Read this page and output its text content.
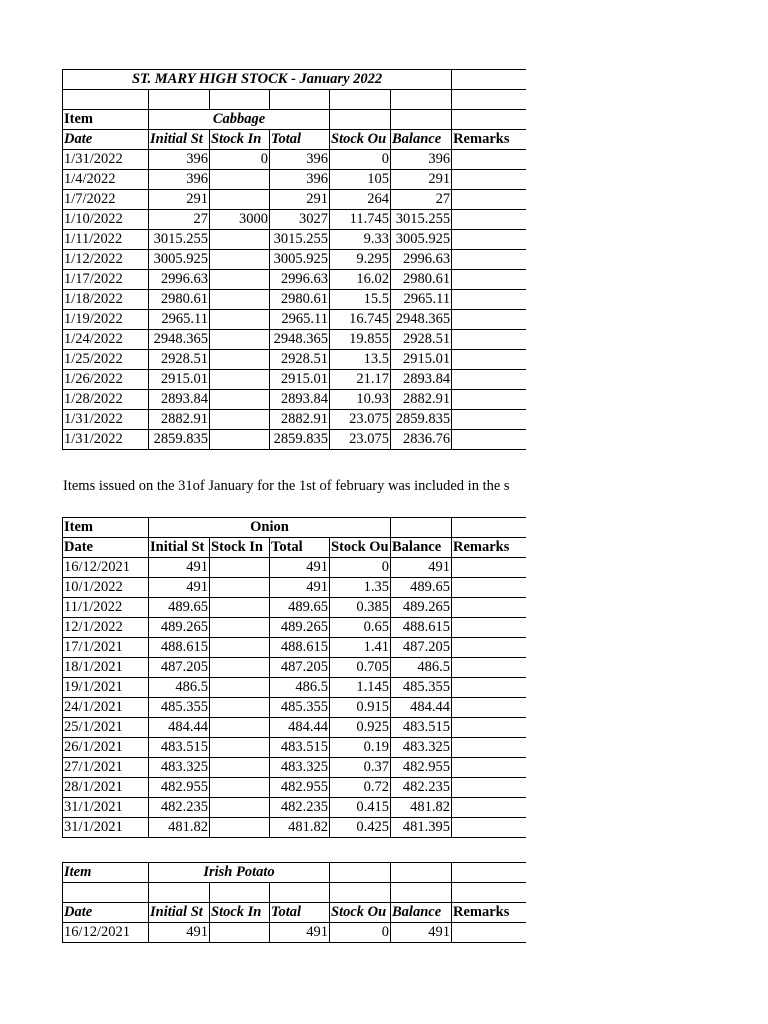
ST. MARY HIGH STOCK - January 2022						

Item	Cabbage					
Date	Initial St	Stock In	Total	Stock Ou	Balance	Remarks
1/31/2022	396	0	396	0	396	
1/4/2022	396		396	105	291	
1/7/2022	291		291	264	27	
1/10/2022	27	3000	3027	11.745	3015.255	
1/11/2022	3015.255		3015.255	9.33	3005.925	
1/12/2022	3005.925		3005.925	9.295	2996.63	
1/17/2022	2996.63		2996.63	16.02	2980.61	
1/18/2022	2980.61		2980.61	15.5	2965.11	
1/19/2022	2965.11		2965.11	16.745	2948.365	
1/24/2022	2948.365		2948.365	19.855	2928.51	
1/25/2022	2928.51		2928.51	13.5	2915.01	
1/26/2022	2915.01		2915.01	21.17	2893.84	
1/28/2022	2893.84		2893.84	10.93	2882.91	
1/31/2022	2882.91		2882.91	23.075	2859.835	
1/31/2022	2859.835		2859.835	23.075	2836.76	
Items issued on the 31of January for the 1st of february was included in the s
Item	Onion					
Date	Initial St	Stock In	Total	Stock Ou	Balance	Remarks
16/12/2021	491		491	0	491	
10/1/2022	491		491	1.35	489.65	
11/1/2022	489.65		489.65	0.385	489.265	
12/1/2022	489.265		489.265	0.65	488.615	
17/1/2021	488.615		488.615	1.41	487.205	
18/1/2021	487.205		487.205	0.705	486.5	
19/1/2021	486.5		486.5	1.145	485.355	
24/1/2021	485.355		485.355	0.915	484.44	
25/1/2021	484.44		484.44	0.925	483.515	
26/1/2021	483.515		483.515	0.19	483.325	
27/1/2021	483.325		483.325	0.37	482.955	
28/1/2021	482.955		482.955	0.72	482.235	
31/1/2021	482.235		482.235	0.415	481.82	
31/1/2021	481.82		481.82	0.425	481.395	
Item	Irish Potato					

Date	Initial St	Stock In	Total	Stock Ou	Balance	Remarks
16/12/2021	491		491	0	491	
